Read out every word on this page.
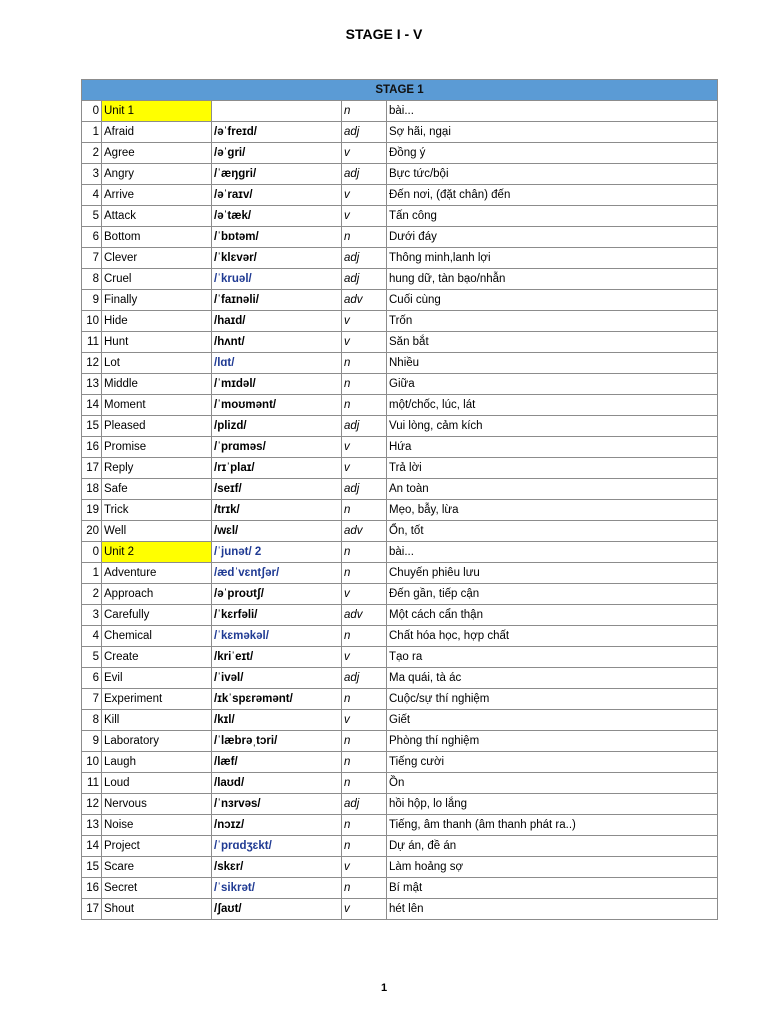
STAGE I - V
STAGE 1				
0	Unit 1		n	bài...
1	Afraid	/əˈfreɪd/	adj	Sợ hãi, ngại
2	Agree	/əˈgri/	v	Đồng ý
3	Angry	/ˈæŋgri/	adj	Bực tức/bội
4	Arrive	/əˈraɪv/	v	Đến nơi, (đặt chân) đến
5	Attack	/əˈtæk/	v	Tấn công
6	Bottom	/ˈbɒtəm/	n	Dưới đáy
7	Clever	/ˈklɛvər/	adj	Thông minh,lanh lợi
8	Cruel	/ˈkruəl/	adj	hung dữ, tàn bạo/nhẫn
9	Finally	/ˈfaɪnəli/	adv	Cuối cùng
10	Hide	/haɪd/	v	Trốn
11	Hunt	/hʌnt/	v	Săn bắt
12	Lot	/lɑt/	n	Nhiều
13	Middle	/ˈmɪdəl/	n	Giữa
14	Moment	/ˈmoʊmənt/	n	một/chốc, lúc, lát
15	Pleased	/plizd/	adj	Vui lòng, cảm kích
16	Promise	/ˈprɑməs/	v	Hứa
17	Reply	/rɪˈplaɪ/	v	Trả lời
18	Safe	/seɪf/	adj	An toàn
19	Trick	/trɪk/	n	Mẹo, bẫy, lừa
20	Well	/wɛl/	adv	Ổn, tốt
0	Unit 2	/ˈjunət/ 2	n	bài...
1	Adventure	/ædˈvɛntʃər/	n	Chuyến phiêu lưu
2	Approach	/əˈproʊtʃ/	v	Đến gần, tiếp cận
3	Carefully	/ˈkɛrfəli/	adv	Một cách cẩn thận
4	Chemical	/ˈkɛməkəl/	n	Chất hóa học, hợp chất
5	Create	/kriˈeɪt/	v	Tạo ra
6	Evil	/ˈivəl/	adj	Ma quái, tà ác
7	Experiment	/ɪkˈspɛrəmənt/	n	Cuộc/sự thí nghiệm
8	Kill	/kɪl/	v	Giết
9	Laboratory	/ˈlæbrəˌtɔri/	n	Phòng thí nghiệm
10	Laugh	/læf/	n	Tiếng cười
11	Loud	/laʊd/	n	Ồn
12	Nervous	/ˈnɜrvəs/	adj	hồi hộp, lo lắng
13	Noise	/nɔɪz/	n	Tiếng, âm thanh (âm thanh phát ra..)
14	Project	/ˈprɑdʒɛkt/	n	Dự án, đề án
15	Scare	/skɛr/	v	Làm hoảng sợ
16	Secret	/ˈsikrət/	n	Bí mật
17	Shout	/ʃaʊt/	v	hét lên
1
